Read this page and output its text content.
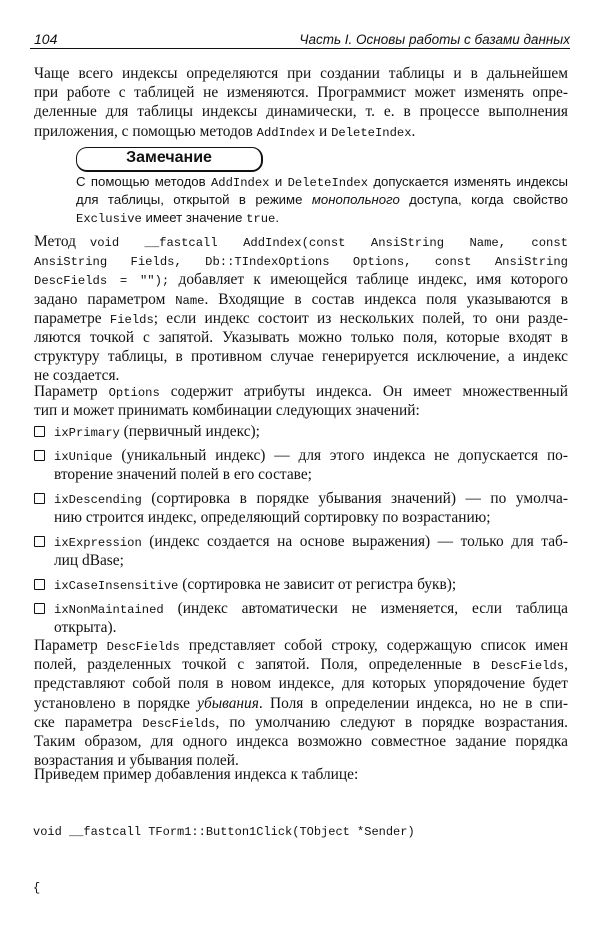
104	Часть I. Основы работы с базами данных
Чаще всего индексы определяются при создании таблицы и в дальнейшем
при работе с таблицей не изменяются. Программист может изменять опре-
деленные для таблицы индексы динамически, т. е. в процессе выполнения
приложения, с помощью методов AddIndex и DeleteIndex.
Замечание
С помощью методов AddIndex и DeleteIndex допускается изменять индексы
для таблицы, открытой в режиме монопольного доступа, когда свойство
Exclusive имеет значение true.
Метод void __fastcall AddIndex(const AnsiString Name, const
AnsiString Fields, Db::TIndexOptions Options, const AnsiString
DescFields = ""); добавляет к имеющейся таблице индекс, имя которого
задано параметром Name. Входящие в состав индекса поля указываются в
параметре Fields; если индекс состоит из нескольких полей, то они разде-
ляются точкой с запятой. Указывать можно только поля, которые входят в
структуру таблицы, в противном случае генерируется исключение, а индекс
не создается.
Параметр Options содержит атрибуты индекса. Он имеет множественный
тип и может принимать комбинации следующих значений:
ixPrimary (первичный индекс);
ixUnique (уникальный индекс) — для этого индекса не допускается по-
вторение значений полей в его составе;
ixDescending (сортировка в порядке убывания значений) — по умолча-
нию строится индекс, определяющий сортировку по возрастанию;
ixExpression (индекс создается на основе выражения) — только для таб-
лиц dBase;
ixCaseInsensitive (сортировка не зависит от регистра букв);
ixNonMaintained (индекс автоматически не изменяется, если таблица
открыта).
Параметр DescFields представляет собой строку, содержащую список имен
полей, разделенных точкой с запятой. Поля, определенные в DescFields,
представляют собой поля в новом индексе, для которых упорядочение будет
установлено в порядке убывания. Поля в определении индекса, но не в спи-
ске параметра DescFields, по умолчанию следуют в порядке возрастания.
Таким образом, для одного индекса возможно совместное задание порядка
возрастания и убывания полей.
Приведем пример добавления индекса к таблице:

void __fastcall TForm1::Button1Click(TObject *Sender)

{
